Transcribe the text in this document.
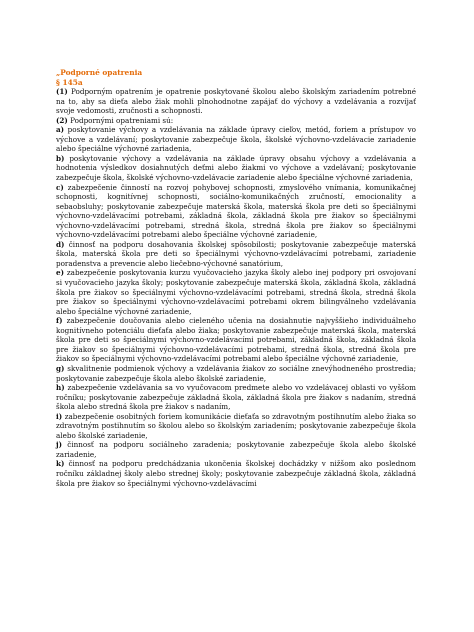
„Podporné opatrenia
§ 145a

(1) Podporným opatrením je opatrenie poskytované školou alebo školským zariadením potrebné na to, aby sa dieťa alebo žiak mohli plnohodnotne zapájať do výchovy a vzdelávania a rozvíjať svoje vedomosti, zručnosti a schopnosti.

(2) Podpornými opatreniami sú:

a) poskytovanie výchovy a vzdelávania na základe úpravy cieľov, metód, foriem a prístupov vo výchove a vzdelávaní; poskytovanie zabezpečuje škola, školské výchovno-vzdelávacie zariadenie alebo špeciálne výchovné zariadenia,

b) poskytovanie výchovy a vzdelávania na základe úpravy obsahu výchovy a vzdelávania a hodnotenia výsledkov dosiahnutých deťmi alebo žiakmi vo výchove a vzdelávaní; poskytovanie zabezpečuje škola, školské výchovno-vzdelávacie zariadenie alebo špeciálne výchovné zariadenia,

c) zabezpečenie činností na rozvoj pohybovej schopnosti, zmyslového vnímania, komunikačnej schopnosti, kognitívnej schopnosti, sociálno-komunikačných zručností, emocionality a sebaobsluhy; poskytovanie zabezpečuje materská škola, materská škola pre deti so špeciálnymi výchovno-vzdelávacími potrebami, základná škola, základná škola pre žiakov so špeciálnymi výchovno-vzdelávacími potrebami, stredná škola, stredná škola pre žiakov so špeciálnymi výchovno-vzdelávacími potrebami alebo špeciálne výchovné zariadenie,

d) činnosť na podporu dosahovania školskej spôsobilosti; poskytovanie zabezpečuje materská škola, materská škola pre deti so špeciálnymi výchovno-vzdelávacími potrebami, zariadenie poradenstva a prevencie alebo liečebno-výchovné sanatórium,

e) zabezpečenie poskytovania kurzu vyučovacieho jazyka školy alebo inej podpory pri osvojovaní si vyučovacieho jazyka školy; poskytovanie zabezpečuje materská škola, základná škola, základná škola pre žiakov so špeciálnymi výchovno-vzdelávacími potrebami, stredná škola, stredná škola pre žiakov so špeciálnymi výchovno-vzdelávacími potrebami okrem bilingválneho vzdelávania alebo špeciálne výchovné zariadenie,

f) zabezpečenie doučovania alebo cieleného učenia na dosiahnutie najvyššieho individuálneho kognitívneho potenciálu dieťaťa alebo žiaka; poskytovanie zabezpečuje materská škola, materská škola pre deti so špeciálnymi výchovno-vzdelávacími potrebami, základná škola, základná škola pre žiakov so špeciálnymi výchovno-vzdelávacími potrebami, stredná škola, stredná škola pre žiakov so špeciálnymi výchovno-vzdelávacími potrebami alebo špeciálne výchovné zariadenie,

g) skvalitnenie podmienok výchovy a vzdelávania žiakov zo sociálne znevýhodneného prostredia; poskytovanie zabezpečuje škola alebo školské zariadenie,

h) zabezpečenie vzdelávania sa vo vyučovacom predmete alebo vo vzdelávacej oblasti vo vyššom ročníku; poskytovanie zabezpečuje základná škola, základná škola pre žiakov s nadaním, stredná škola alebo stredná škola pre žiakov s nadaním,

i) zabezpečenie osobitných foriem komunikácie dieťaťa so zdravotným postihnutím alebo žiaka so zdravotným postihnutím so školou alebo so školským zariadením; poskytovanie zabezpečuje škola alebo školské zariadenie,

j) činnosť na podporu sociálneho zaradenia; poskytovanie zabezpečuje škola alebo školské zariadenie,

k) činnosť na podporu predchádzania ukončenia školskej dochádzky v nižšom ako poslednom ročníku základnej školy alebo strednej školy; poskytovanie zabezpečuje základná škola, základná škola pre žiakov so špeciálnymi výchovno-vzdelávacími
